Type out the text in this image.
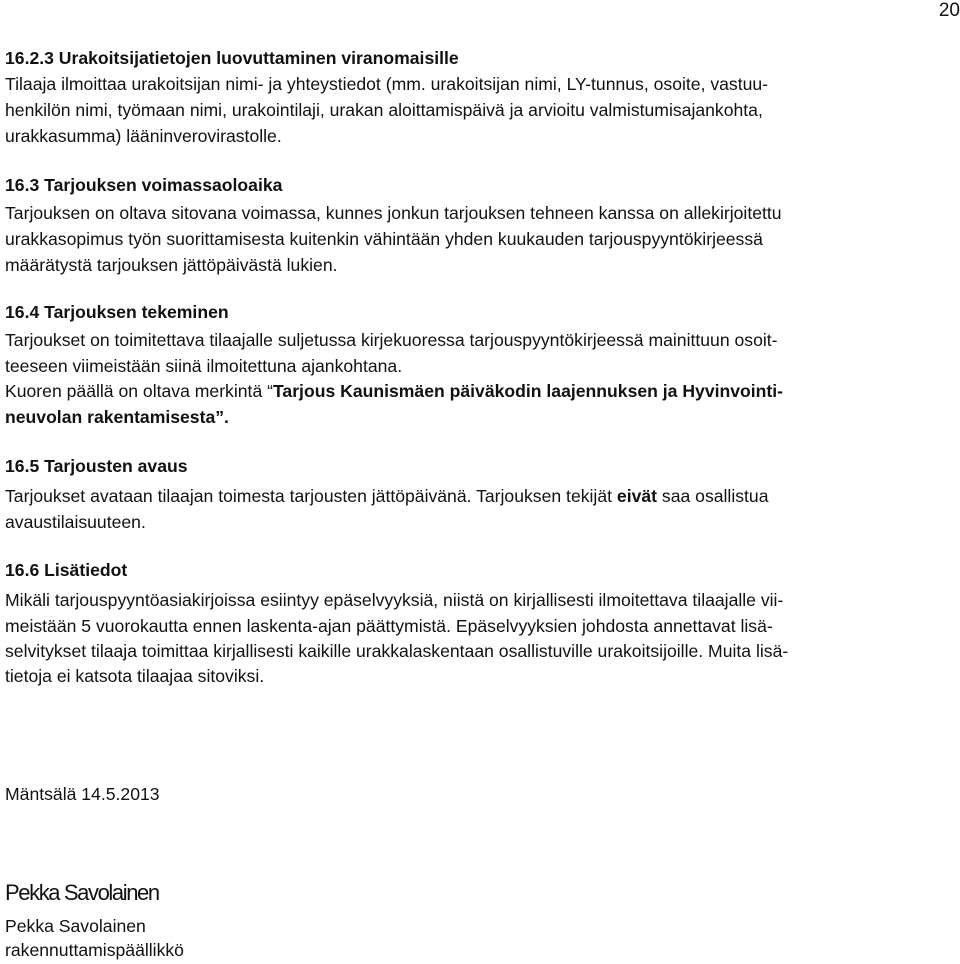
20
16.2.3 Urakoitsijatietojen luovuttaminen viranomaisille
Tilaaja ilmoittaa urakoitsijan nimi- ja yhteystiedot (mm. urakoitsijan nimi, LY-tunnus, osoite, vastuu-
henkilön nimi, työmaan nimi, urakointilaji, urakan aloittamispäivä ja arvioitu valmistumisajankohta,
urakkasumma) lääninverovirastolle.
16.3 Tarjouksen voimassaoloaika
Tarjouksen on oltava sitovana voimassa, kunnes jonkun tarjouksen tehneen kanssa on allekirjoitettu
urakkasopimus työn suorittamisesta kuitenkin vähintään yhden kuukauden tarjouspyyntökirjeessä
määrätystä tarjouksen jättöpäivästä lukien.
16.4 Tarjouksen tekeminen
Tarjoukset on toimitettava tilaajalle suljetussa kirjekuoressa tarjouspyyntökirjeessä mainittuun osoit-
teeseen viimeistään siinä ilmoitettuna ajankohtana.
Kuoren päällä on oltava merkintä “Tarjous Kaunismäen päiväkodin laajennuksen ja Hyvinvointi-
neuvolan rakentamisesta”.
16.5 Tarjousten avaus
Tarjoukset avataan tilaajan toimesta tarjousten jättöpäivänä. Tarjouksen tekijät eivät saa osallistua
avaustilaisuuteen.
16.6 Lisätiedot
Mikäli tarjouspyyntöasiakirjoissa esiintyy epäselvyyksiä, niistä on kirjallisesti ilmoitettava tilaajalle vii-
meistään 5 vuorokautta ennen laskenta-ajan päättymistä. Epäselvyyksien johdosta annettavat lisä-
selvitykset tilaaja toimittaa kirjallisesti kaikille urakkalaskentaan osallistuville urakoitsijoille. Muita lisä-
tietoja ei katsota tilaajaa sitoviksi.
Mäntsälä 14.5.2013
Pekka Savolainen
Pekka Savolainen
rakennuttamispäällikkö
